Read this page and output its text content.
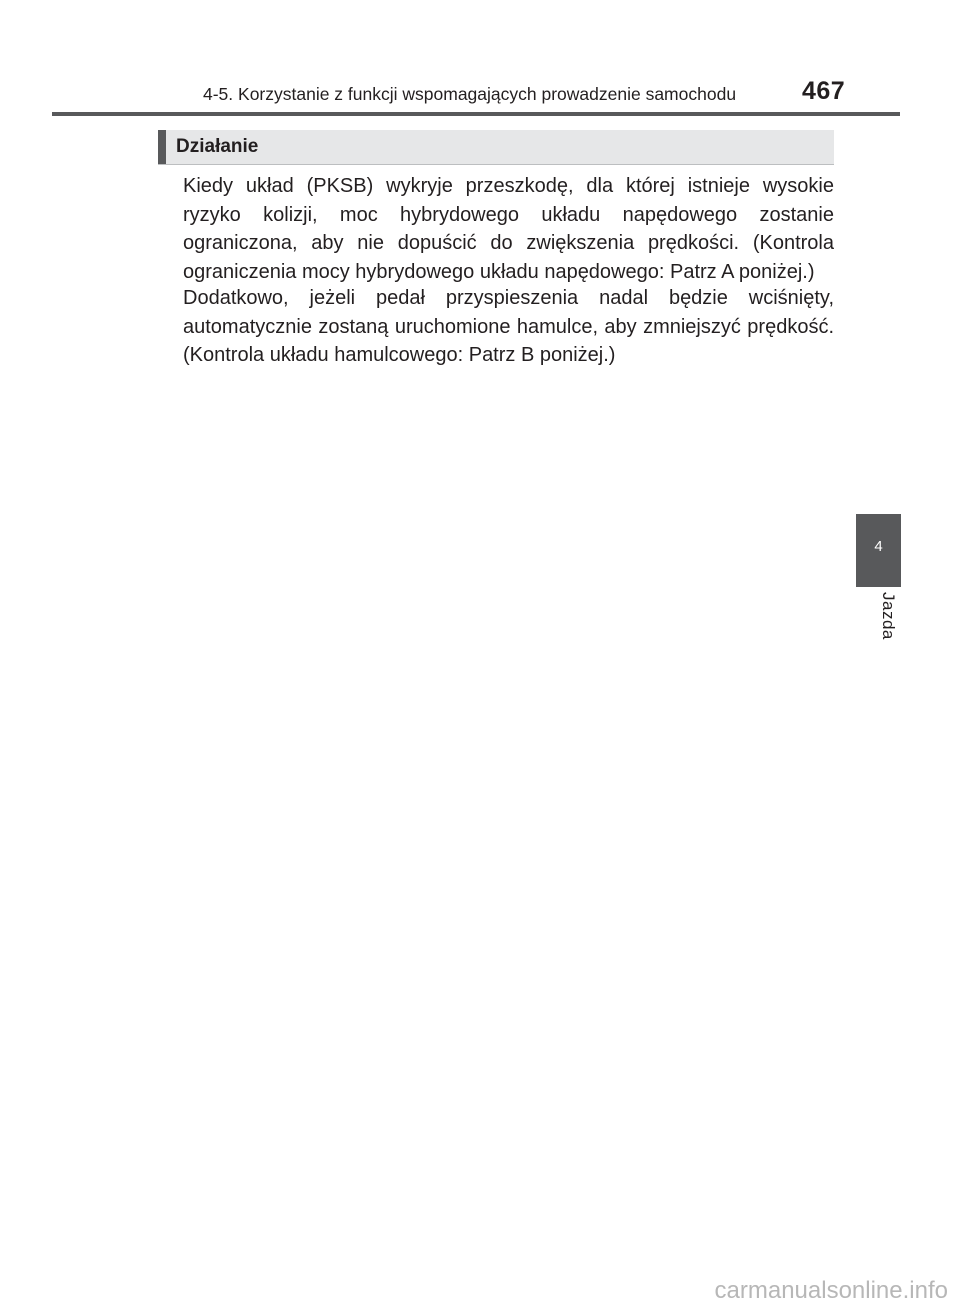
4-5. Korzystanie z funkcji wspomagających prowadzenie samochodu	467
Działanie

Kiedy układ (PKSB) wykryje przeszkodę, dla której istnieje wysokie ryzyko kolizji, moc hybrydowego układu napędowego zostanie ograniczona, aby nie dopuścić do zwiększenia prędkości. (Kontrola ograniczenia mocy hybrydowego układu napędowego: Patrz A poniżej.)

Dodatkowo, jeżeli pedał przyspieszenia nadal będzie wciśnięty, automatycznie zostaną uruchomione hamulce, aby zmniejszyć prędkość. (Kontrola układu hamulcowego: Patrz B poniżej.)

4
Jazda
carmanualsonline.info
